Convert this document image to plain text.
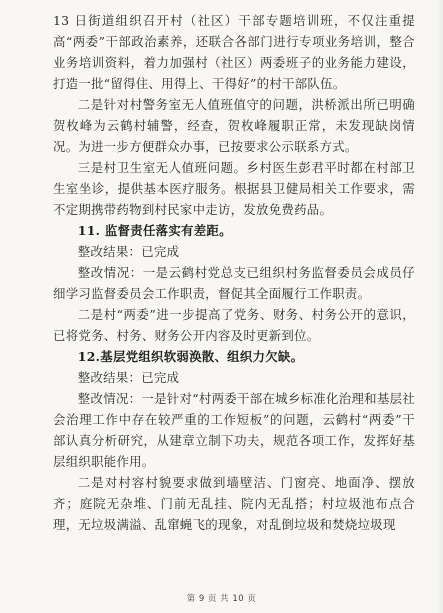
13 日街道组织召开村（社区）干部专题培训班，不仅注重提高“两委”干部政治素养，还联合各部门进行专项业务培训，整合业务培训资料，着力加强村（社区）两委班子的业务能力建设，打造一批“留得住、用得上、干得好”的村干部队伍。

二是针对村警务室无人值班值守的问题，洪桥派出所已明确贺枚峰为云鹤村辅警，经查，贺枚峰履职正常，未发现缺岗情况。为进一步方便群众办事，已按要求公示联系方式。

三是村卫生室无人值班问题。乡村医生彭君平时都在村部卫生室坐诊，提供基本医疗服务。根据县卫健局相关工作要求，需不定期携带药物到村民家中走访，发放免费药品。

11. 监督责任落实有差距。

整改结果：已完成

整改情况：一是云鹤村党总支已组织村务监督委员会成员仔细学习监督委员会工作职责，督促其全面履行工作职责。

二是村“两委”进一步提高了党务、财务、村务公开的意识，已将党务、村务、财务公开内容及时更新到位。

12.基层党组织软弱涣散、组织力欠缺。

整改结果：已完成

整改情况：一是针对“村两委干部在城乡标准化治理和基层社会治理工作中存在较严重的工作短板”的问题，云鹤村“两委”干部认真分析研究，从建章立制下功夫，规范各项工作，发挥好基层组织职能作用。

二是对村容村貌要求做到墙壁洁、门窗亮、地面净、摆放齐；庭院无杂堆、门前无乱挂、院内无乱搭；村垃圾池布点合理，无垃圾满溢、乱窜蝇飞的现象，对乱倒垃圾和焚烧垃圾现

第 9 页 共 10 页
